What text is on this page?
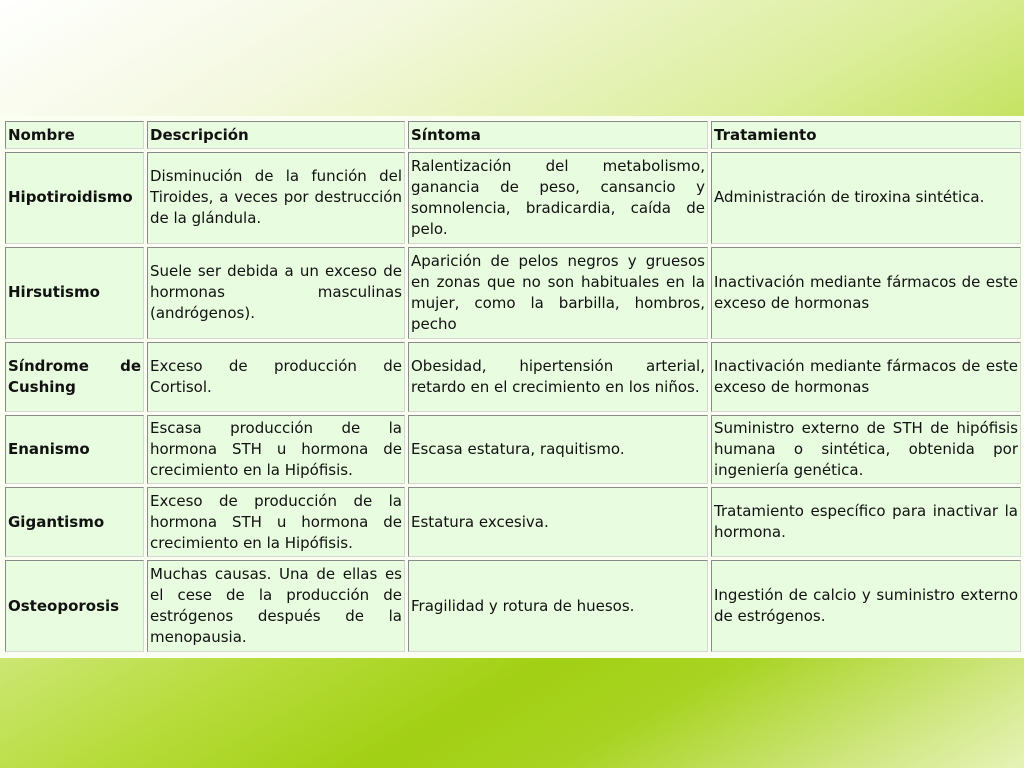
Nombre	Descripción	Síntoma	Tratamiento
Hipotiroidismo	Disminución de la función del Tiroides, a veces por destrucción de la glándula.	Ralentización del metabolismo, ganancia de peso, cansancio y somnolencia, bradicardia, caída de pelo.	Administración de tiroxina sintética.
Hirsutismo	Suele ser debida a un exceso de hormonas masculinas (andrógenos).	Aparición de pelos negros y gruesos en zonas que no son habituales en la mujer, como la barbilla, hombros, pecho	Inactivación mediante fármacos de este exceso de hormonas
Síndrome de Cushing	Exceso de producción de Cortisol.	Obesidad, hipertensión arterial, retardo en el crecimiento en los niños.	Inactivación mediante fármacos de este exceso de hormonas
Enanismo	Escasa producción de la hormona STH u hormona de crecimiento en la Hipófisis.	Escasa estatura, raquitismo.	Suministro externo de STH de hipófisis humana o sintética, obtenida por ingeniería genética.
Gigantismo	Exceso de producción de la hormona STH u hormona de crecimiento en la Hipófisis.	Estatura excesiva.	Tratamiento específico para inactivar la hormona.
Osteoporosis	Muchas causas. Una de ellas es el cese de la producción de estrógenos después de la menopausia.	Fragilidad y rotura de huesos.	Ingestión de calcio y suministro externo de estrógenos.
